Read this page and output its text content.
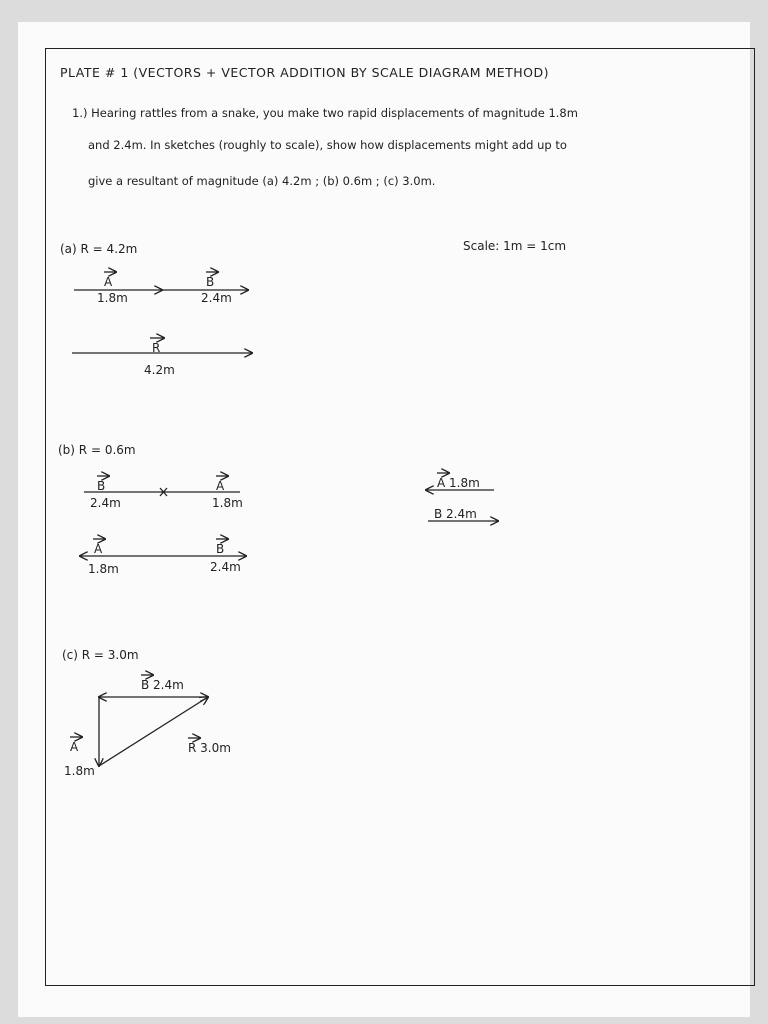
PLATE # 1 (VECTORS + VECTOR ADDITION BY SCALE DIAGRAM METHOD)
1.) Hearing rattles from a snake, you make two rapid displacements of magnitude 1.8m
and 2.4m. In sketches (roughly to scale), show how displacements might add up to
give a resultant of magnitude (a) 4.2m ; (b) 0.6m ; (c) 3.0m.
Scale: 1m = 1cm
(a) R = 4.2m
A
1.8m
B
2.4m
R
4.2m
(b) R = 0.6m
B
2.4m
A
1.8m
A
1.8m
B
2.4m
A 1.8m
B 2.4m
(c) R = 3.0m
B 2.4m
A
1.8m
R 3.0m
